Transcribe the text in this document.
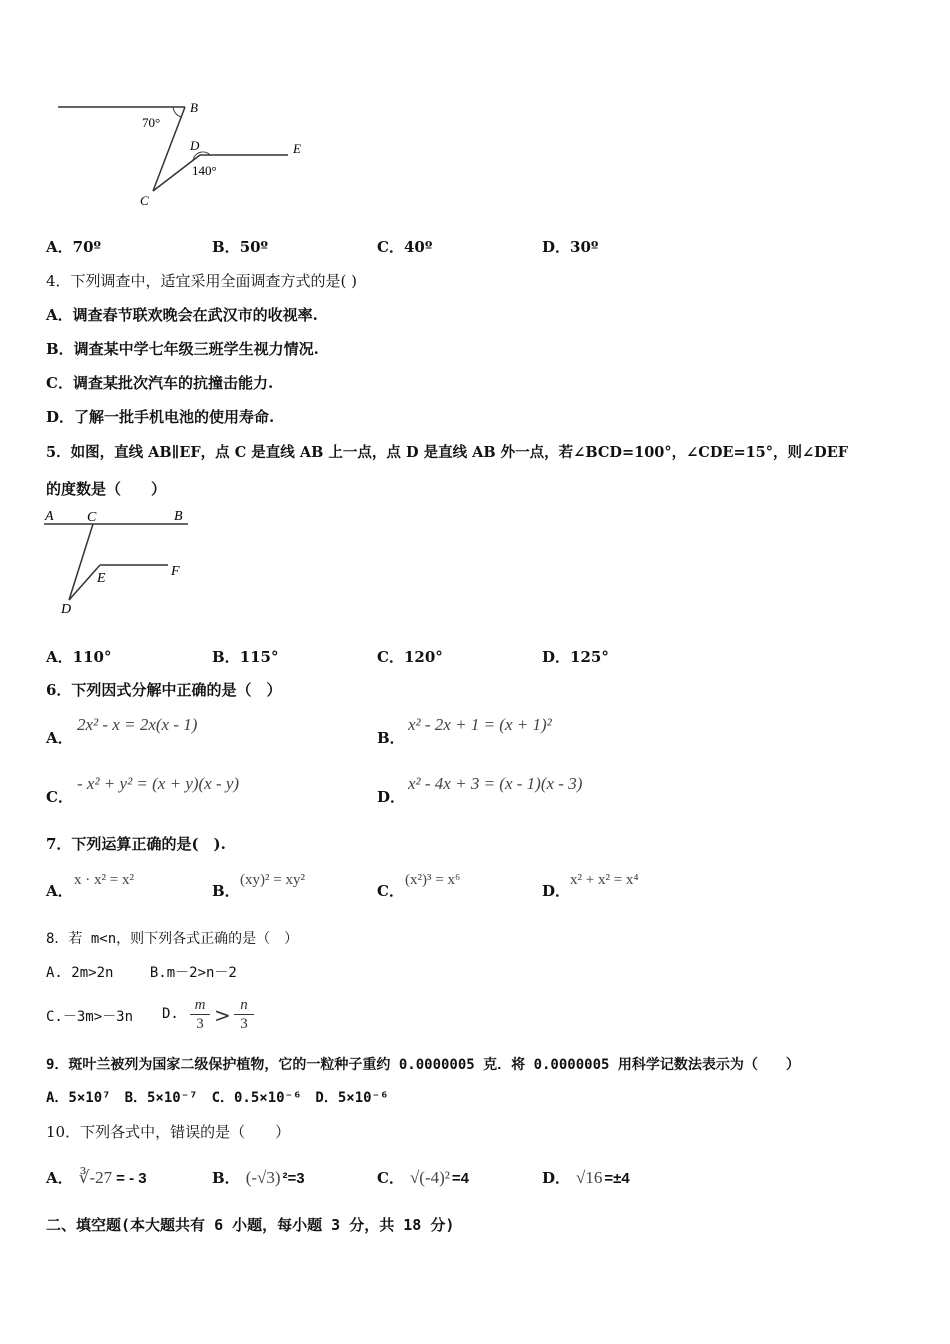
B
D	E
C
70°
140°
A．70º	B．50º	C．40º	D．30º
4．下列调查中，适宜采用全面调查方式的是( )
A．调查春节联欢晚会在武汉市的收视率.
B．调查某中学七年级三班学生视力情况.
C．调查某批次汽车的抗撞击能力.
D．了解一批手机电池的使用寿命.
5．如图，直线 AB∥EF，点 C 是直线 AB 上一点，点 D 是直线 AB 外一点，若∠BCD=100°，∠CDE=15°，则∠DEF
的度数是（　　）
A C	B
E	F
D
A．110°	B．115°	C．120°	D．125°
6．下列因式分解中正确的是（　）
A．
2x² - x = 2x(x - 1)
B．
x² - 2x + 1 = (x + 1)²
C．
- x² + y² = (x + y)(x - y)
D．
x² - 4x + 3 = (x - 1)(x - 3)
7．下列运算正确的是(　).
A．
x · x² = x²
B．
(xy)² = xy²
C．
(x²)³ = x⁶
D．
x² + x² = x⁴
8．若 m<n，则下列各式正确的是（　）
A. 2m>2n　　 B.m－2>n－2
C.－3m>－3n D. $\frac{m}{3} > \frac{n}{3}$
9．斑叶兰被列为国家二级保护植物，它的一粒种子重约 0.0000005 克．将 0.0000005 用科学记数法表示为（　　）
A．5×10⁷　B．5×10⁻⁷　C．0.5×10⁻⁶　D．5×10⁻⁶
10．下列各式中，错误的是（　　）
A． ∛-27 = - 3	B． (-√3) ²=3	C． √(-4)² =4	D． √16 =±4
二、填空题(本大题共有 6 小题，每小题 3 分，共 18 分)
